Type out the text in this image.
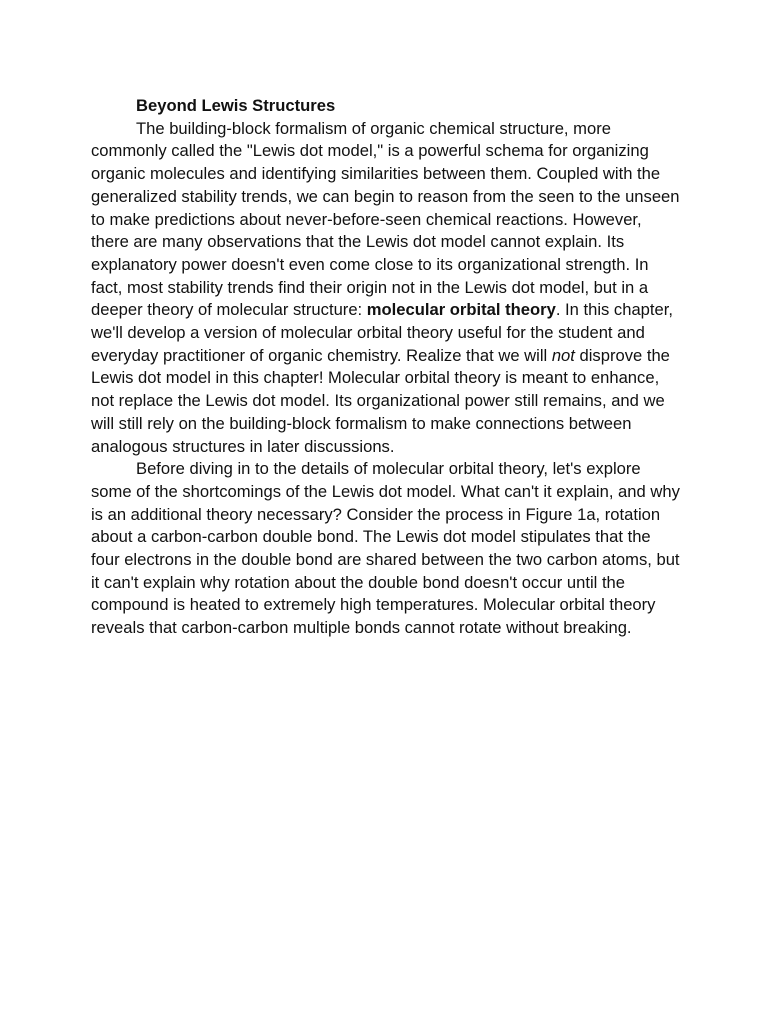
Beyond Lewis Structures

The building-block formalism of organic chemical structure, more commonly called the "Lewis dot model," is a powerful schema for organizing organic molecules and identifying similarities between them. Coupled with the generalized stability trends, we can begin to reason from the seen to the unseen to make predictions about never-before-seen chemical reactions. However, there are many observations that the Lewis dot model cannot explain. Its explanatory power doesn't even come close to its organizational strength. In fact, most stability trends find their origin not in the Lewis dot model, but in a deeper theory of molecular structure: molecular orbital theory. In this chapter, we'll develop a version of molecular orbital theory useful for the student and everyday practitioner of organic chemistry. Realize that we will not disprove the Lewis dot model in this chapter! Molecular orbital theory is meant to enhance, not replace the Lewis dot model. Its organizational power still remains, and we will still rely on the building-block formalism to make connections between analogous structures in later discussions.

Before diving in to the details of molecular orbital theory, let's explore some of the shortcomings of the Lewis dot model. What can't it explain, and why is an additional theory necessary? Consider the process in Figure 1a, rotation about a carbon-carbon double bond. The Lewis dot model stipulates that the four electrons in the double bond are shared between the two carbon atoms, but it can't explain why rotation about the double bond doesn't occur until the compound is heated to extremely high temperatures. Molecular orbital theory reveals that carbon-carbon multiple bonds cannot rotate without breaking.
